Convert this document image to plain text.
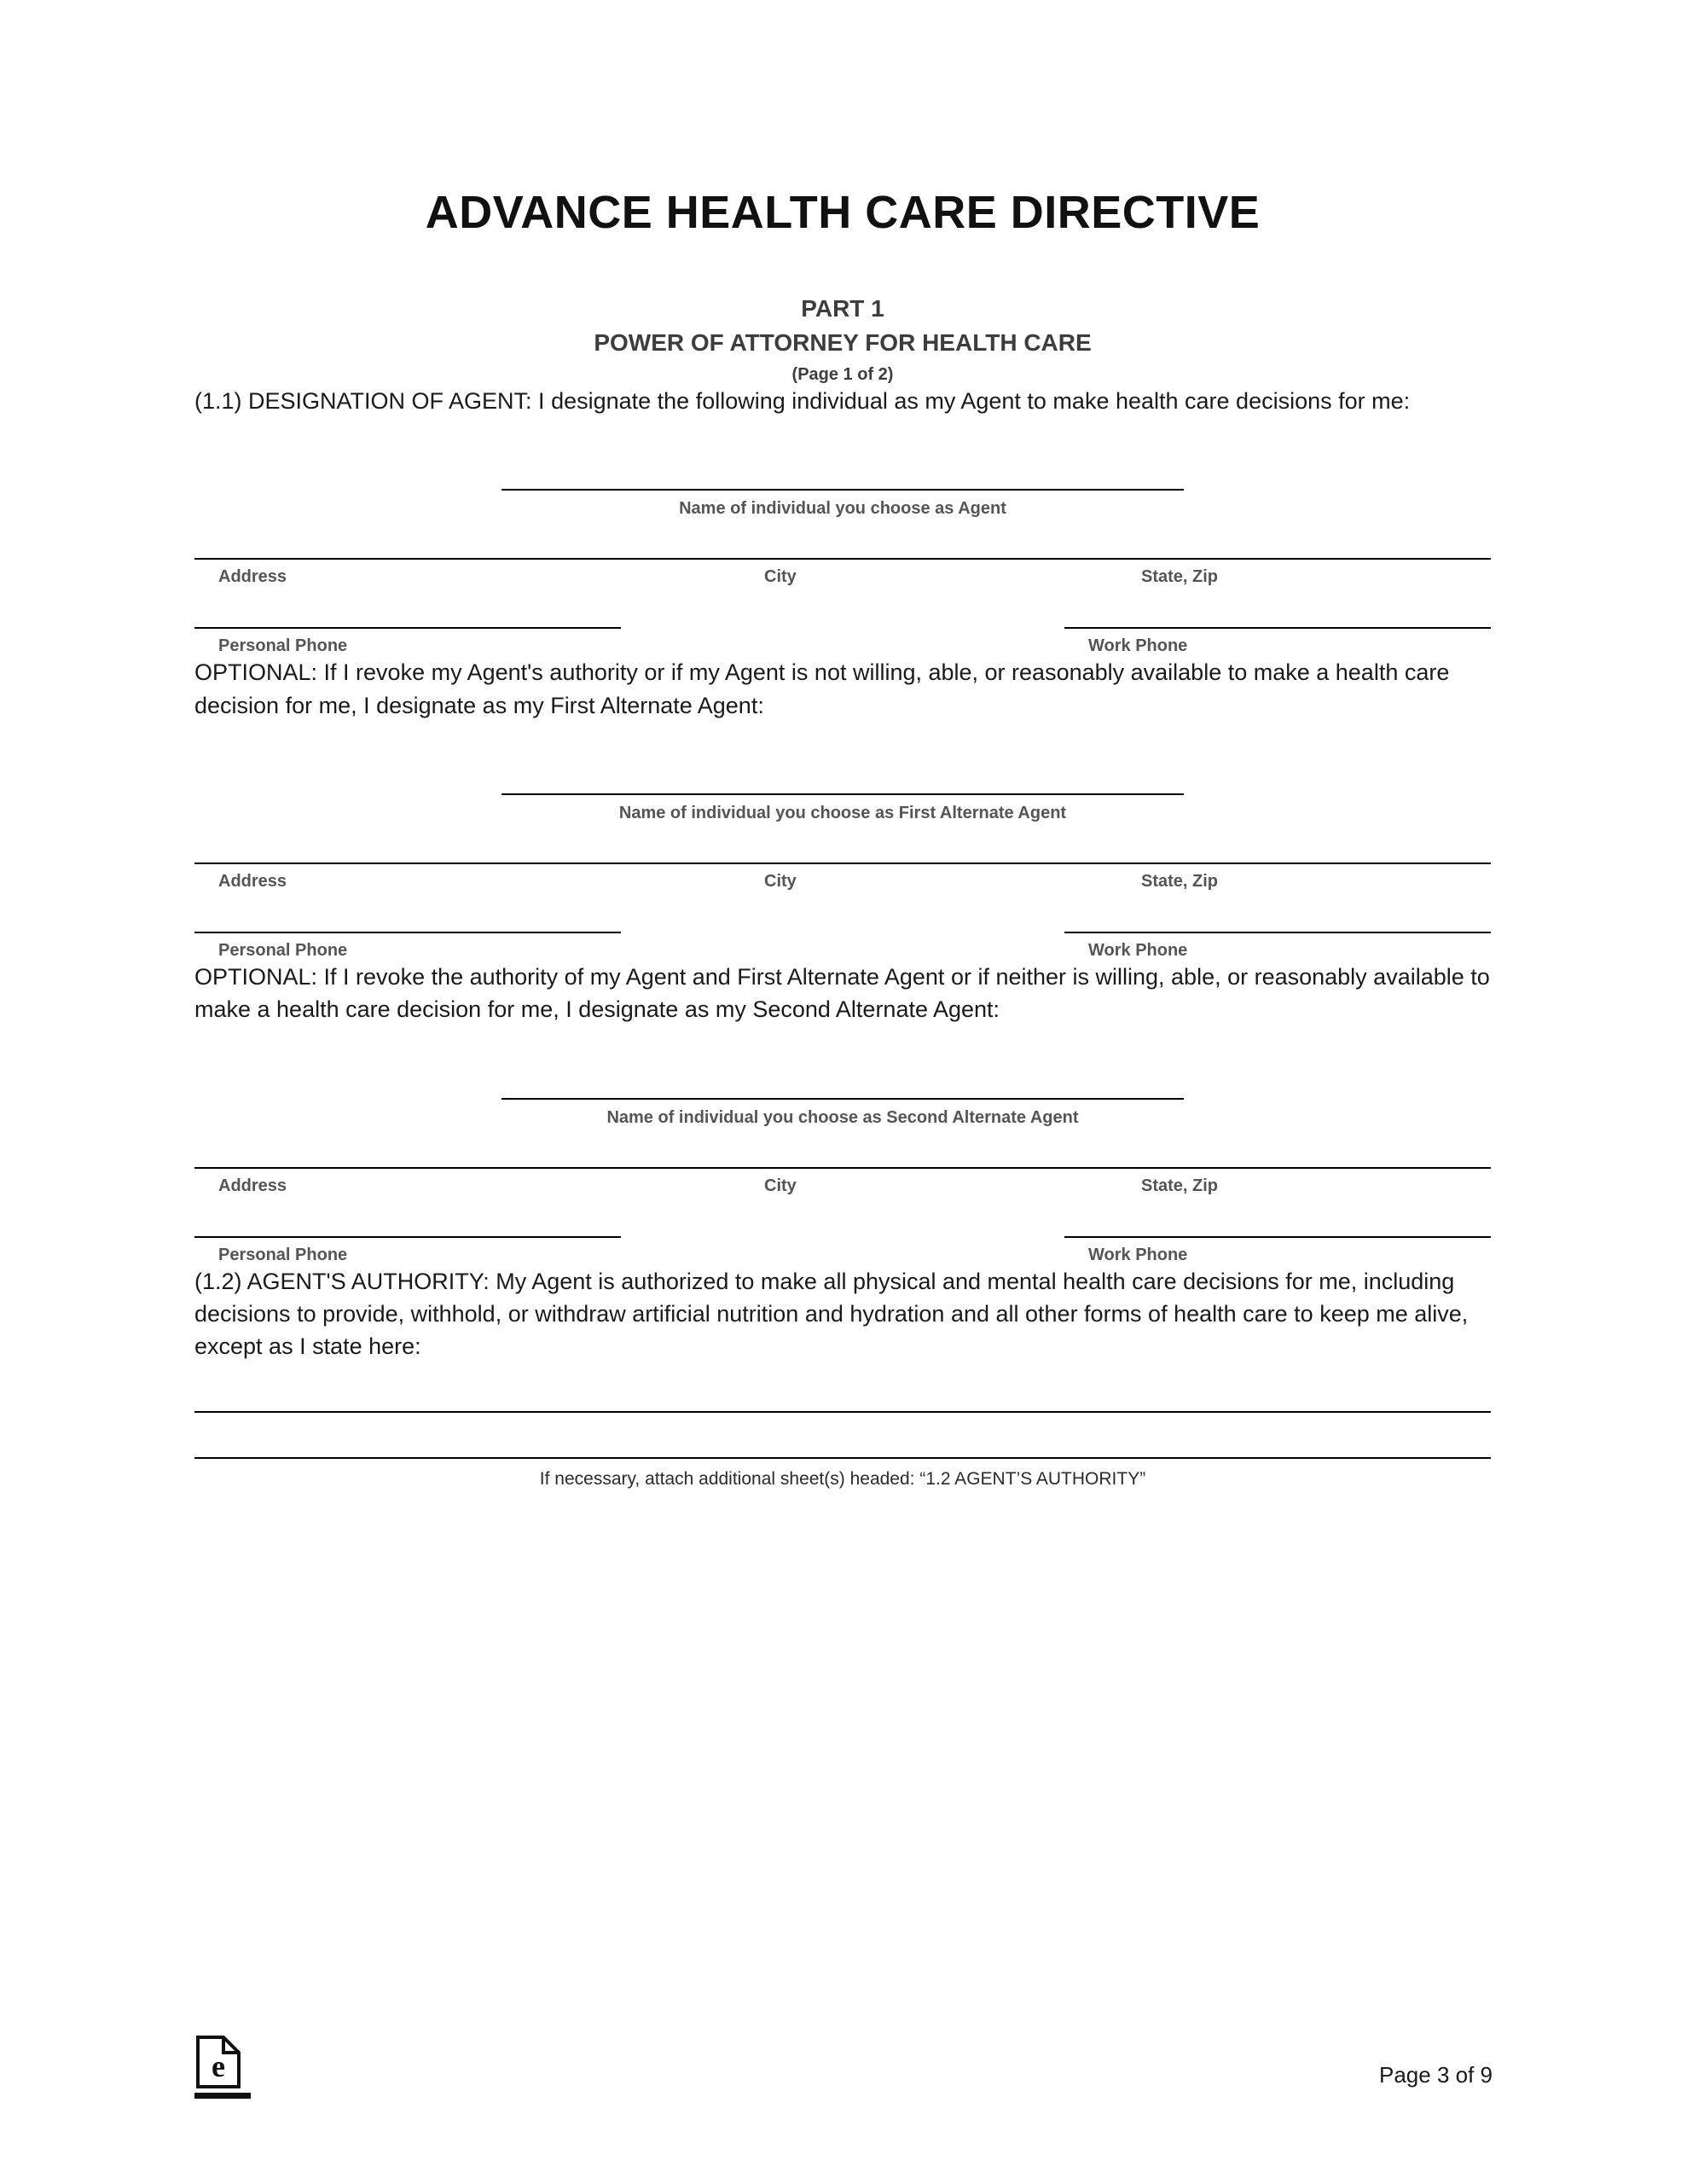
ADVANCE HEALTH CARE DIRECTIVE
PART 1
POWER OF ATTORNEY FOR HEALTH CARE
(Page 1 of 2)

(1.1) DESIGNATION OF AGENT: I designate the following individual as my Agent to make health care decisions for me:

Name of individual you choose as Agent
Address	City	State, Zip
Personal Phone	Work Phone

OPTIONAL: If I revoke my Agent's authority or if my Agent is not willing, able, or reasonably available to make a health care decision for me, I designate as my First Alternate Agent:

Name of individual you choose as First Alternate Agent
Address	City	State, Zip
Personal Phone	Work Phone

OPTIONAL: If I revoke the authority of my Agent and First Alternate Agent or if neither is willing, able, or reasonably available to make a health care decision for me, I designate as my Second Alternate Agent:

Name of individual you choose as Second Alternate Agent
Address	City	State, Zip
Personal Phone	Work Phone

(1.2) AGENT'S AUTHORITY: My Agent is authorized to make all physical and mental health care decisions for me, including decisions to provide, withhold, or withdraw artificial nutrition and hydration and all other forms of health care to keep me alive, except as I state here:

If necessary, attach additional sheet(s) headed: “1.2 AGENT’S AUTHORITY”
e	Page 3 of 9
